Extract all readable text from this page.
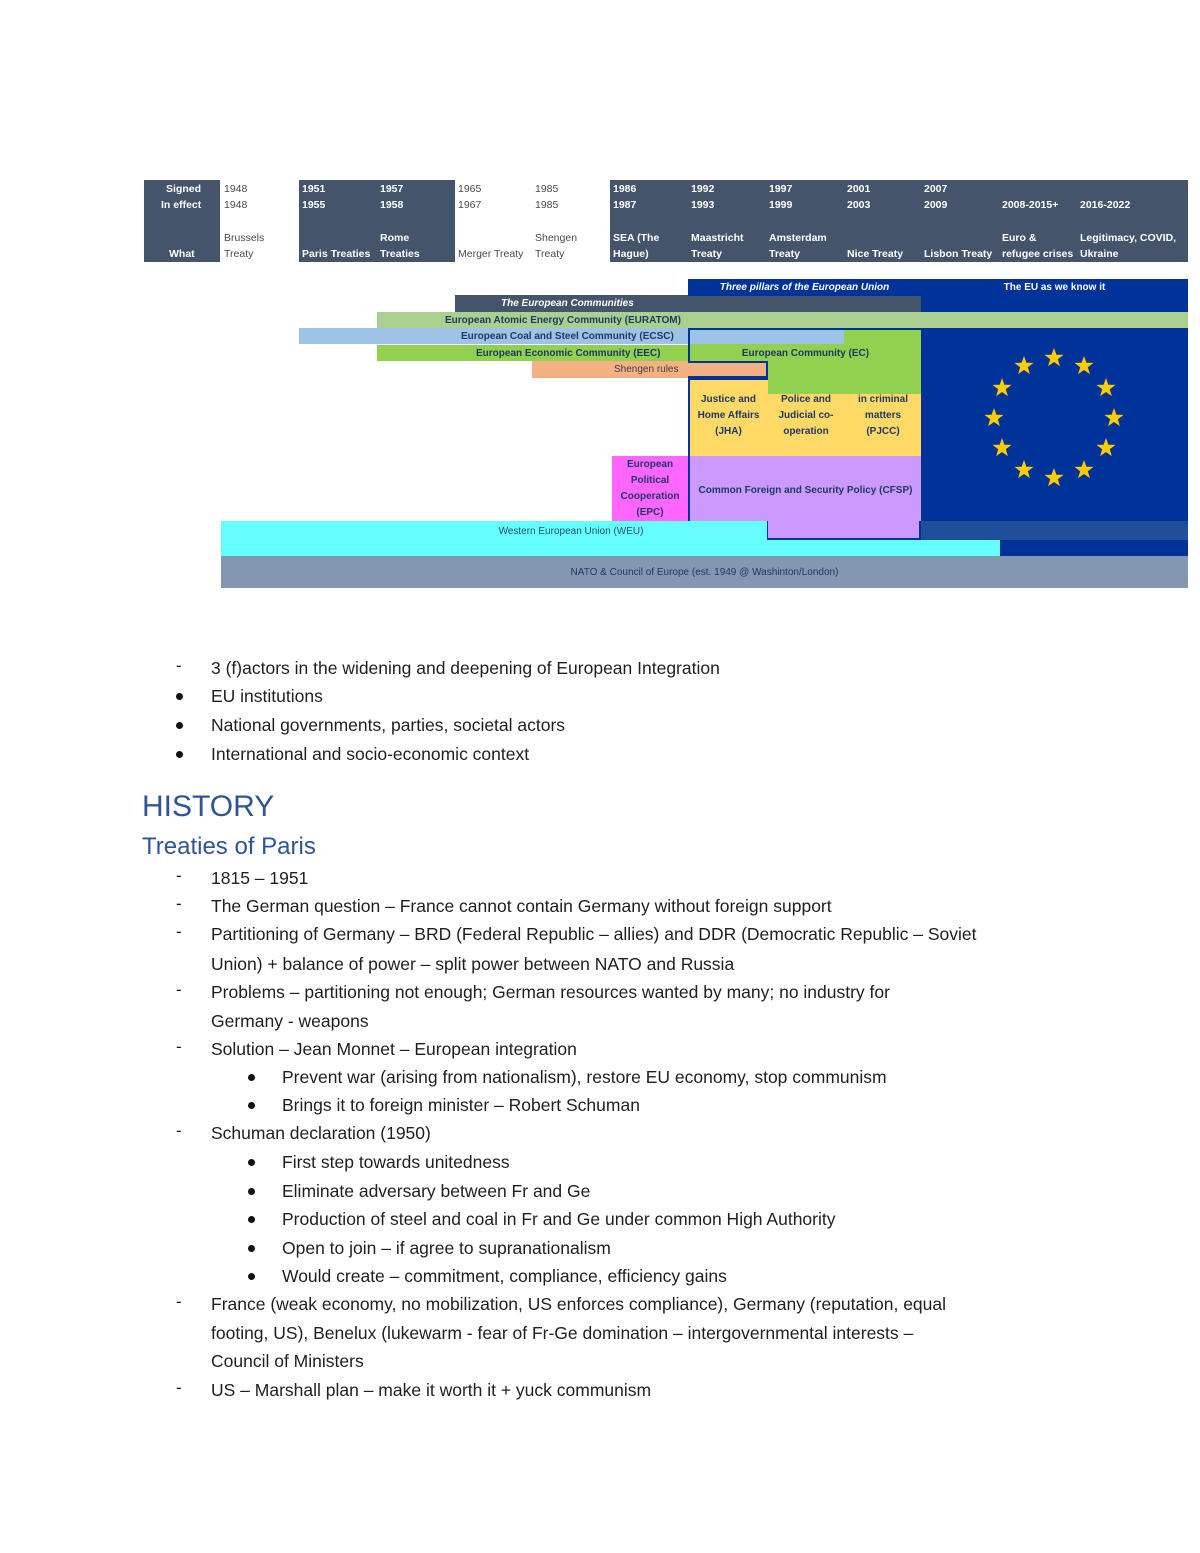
Signed
In effect
What
1948
1948
Brussels
Treaty
1951
1955
Paris Treaties
1957
1958
Rome
Treaties
1965
1967
Merger Treaty
1985
1985
Shengen
Treaty
1986
1987
SEA (The
Hague)
1992
1993
Maastricht
Treaty
1997
1999
Amsterdam
Treaty
2001
2003
Nice Treaty
2007
2009
Lisbon Treaty
2008-2015+
Euro &
refugee crises
2016-2022
Legitimacy, COVID,
Ukraine
The European Communities
Three pillars of the European Union	The EU as we know it
European Atomic Energy Community (EURATOM)
European Coal and Steel Community (ECSC)
European Economic Community (EEC)	European Community (EC)
Shengen rules
Justice and Home Affairs (JHA)
Police and Judicial co-operation
in criminal matters (PJCC)
European Political Cooperation (EPC)
Common Foreign and Security Policy (CFSP)
Western European Union (WEU)
NATO & Council of Europe (est. 1949 @ Washinton/London)
- 3 (f)actors in the widening and deepening of European Integration
EU institutions
National governments, parties, societal actors
International and socio-economic context
HISTORY
Treaties of Paris
- 1815 – 1951
- The German question – France cannot contain Germany without foreign support
- Partitioning of Germany – BRD (Federal Republic – allies) and DDR (Democratic Republic – Soviet
Union) + balance of power – split power between NATO and Russia
- Problems – partitioning not enough; German resources wanted by many; no industry for
Germany - weapons
- Solution – Jean Monnet – European integration
Prevent war (arising from nationalism), restore EU economy, stop communism
Brings it to foreign minister – Robert Schuman
- Schuman declaration (1950)
First step towards unitedness
Eliminate adversary between Fr and Ge
Production of steel and coal in Fr and Ge under common High Authority
Open to join – if agree to supranationalism
Would create – commitment, compliance, efficiency gains
- France (weak economy, no mobilization, US enforces compliance), Germany (reputation, equal
footing, US), Benelux (lukewarm - fear of Fr-Ge domination – intergovernmental interests –
Council of Ministers
- US – Marshall plan – make it worth it + yuck communism
